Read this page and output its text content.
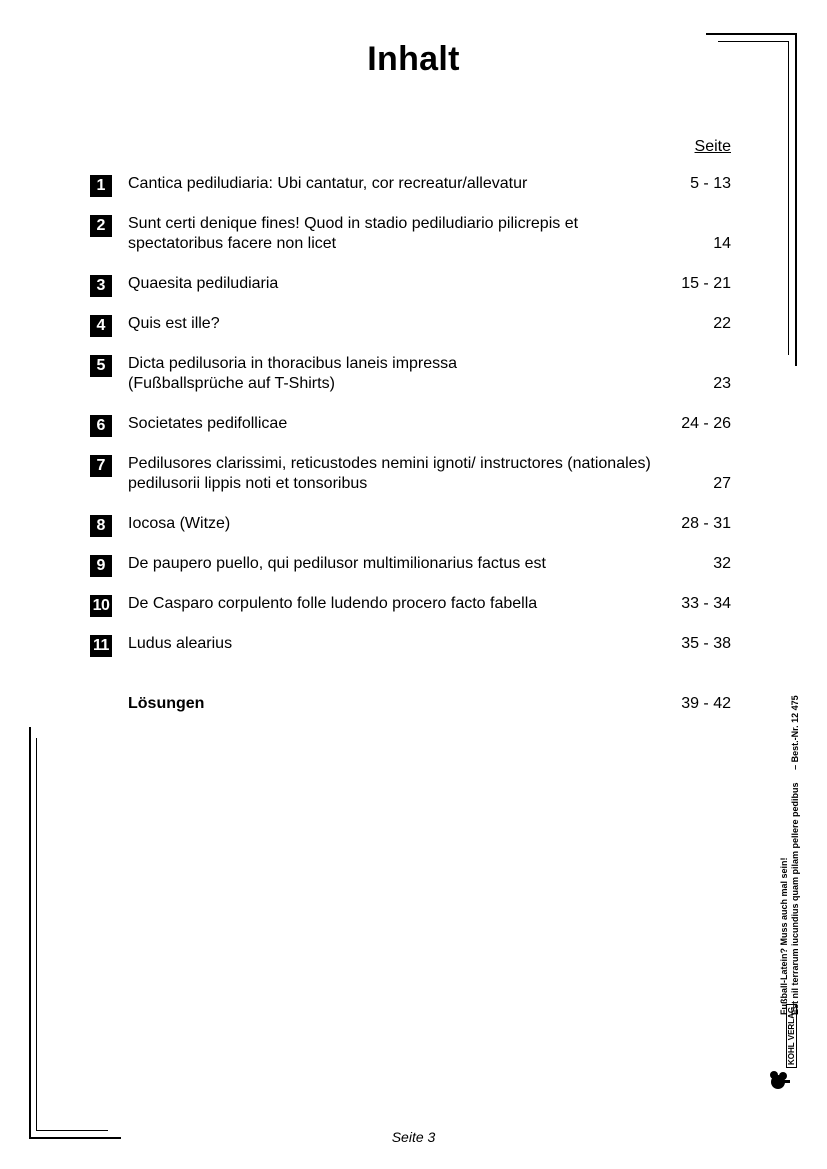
Inhalt
Seite
1	Cantica pediludiaria: Ubi cantatur, cor recreatur/allevatur	5 - 13
2	Sunt certi denique fines! Quod in stadio pediludiario pilicrepis et spectatoribus facere non licet	14
3	Quaesita pediludiaria	15 - 21
4	Quis est ille?	22
5	Dicta pedilusoria in thoracibus laneis impressa (Fußballsprüche auf T-Shirts)	23
6	Societates pedifollicae	24 - 26
7	Pedilusores clarissimi, reticustodes nemini ignoti/ instructores (nationales) pedilusorii lippis noti et tonsoribus	27
8	Iocosa (Witze)	28 - 31
9	De paupero puello, qui pedilusor multimilionarius factus est	32
10 De Casparo corpulento folle ludendo procero facto fabella	33 - 34
11 Ludus alearius	35 - 38
Lösungen	39 - 42
Seite 3
Fußball-Latein? Muss auch mal sein! Est nil terrarum iucundius quam pilam pellere pedibus     – Best.-Nr. 12 475
KOHL VERLAG
